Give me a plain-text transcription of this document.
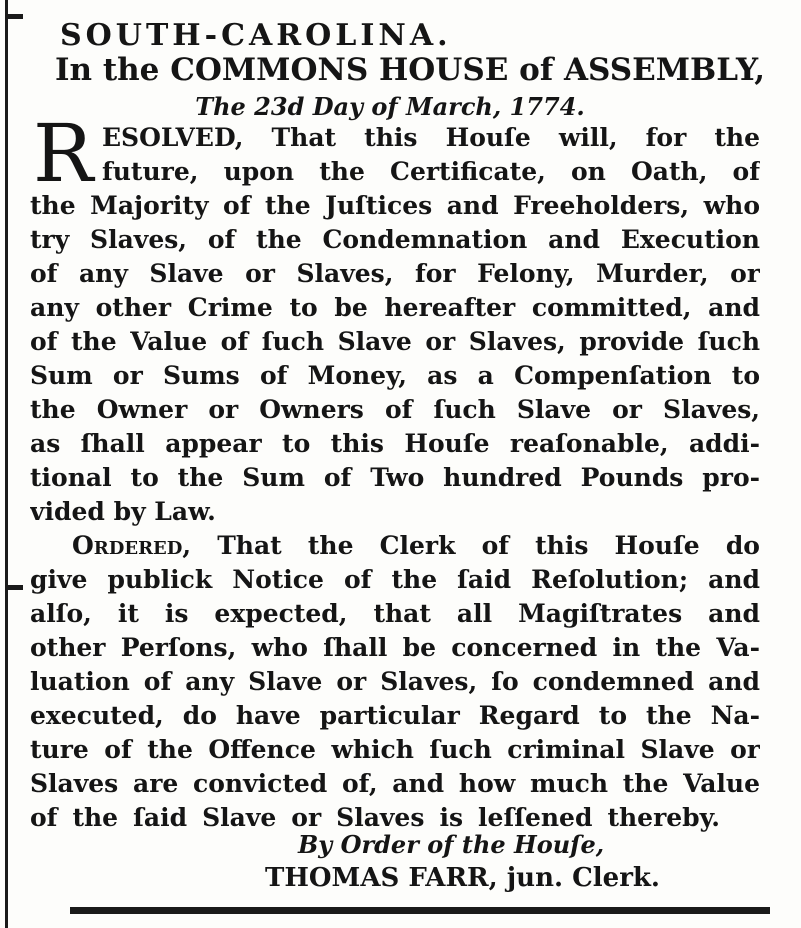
SOUTH-CAROLINA.
In the COMMONS HOUSE of ASSEMBLY,
The 23d Day of March, 1774.
R ESOLVED, That this Houſe will, for the
future, upon the Certificate, on Oath, of
the Majority of the Juſtices and Freeholders, who
try Slaves, of the Condemnation and Execution
of any Slave or Slaves, for Felony, Murder, or
any other Crime to be hereafter committed, and
of the Value of ſuch Slave or Slaves, provide ſuch
Sum or Sums of Money, as a Compenſation to
the Owner or Owners of ſuch Slave or Slaves,
as ſhall appear to this Houſe reaſonable, addi-
tional to the Sum of Two hundred Pounds pro-
vided by Law.
Ordered, That the Clerk of this Houſe do
give publick Notice of the ſaid Reſolution; and
alſo, it is expected, that all Magiſtrates and
other Perſons, who ſhall be concerned in the Va-
luation of any Slave or Slaves, ſo condemned and
executed, do have particular Regard to the Na-
ture of the Offence which ſuch criminal Slave or
Slaves are convicted of, and how much the Value
of the ſaid Slave or Slaves is leſſened thereby.
By Order of the Houſe,
THOMAS FARR, jun. Clerk.
